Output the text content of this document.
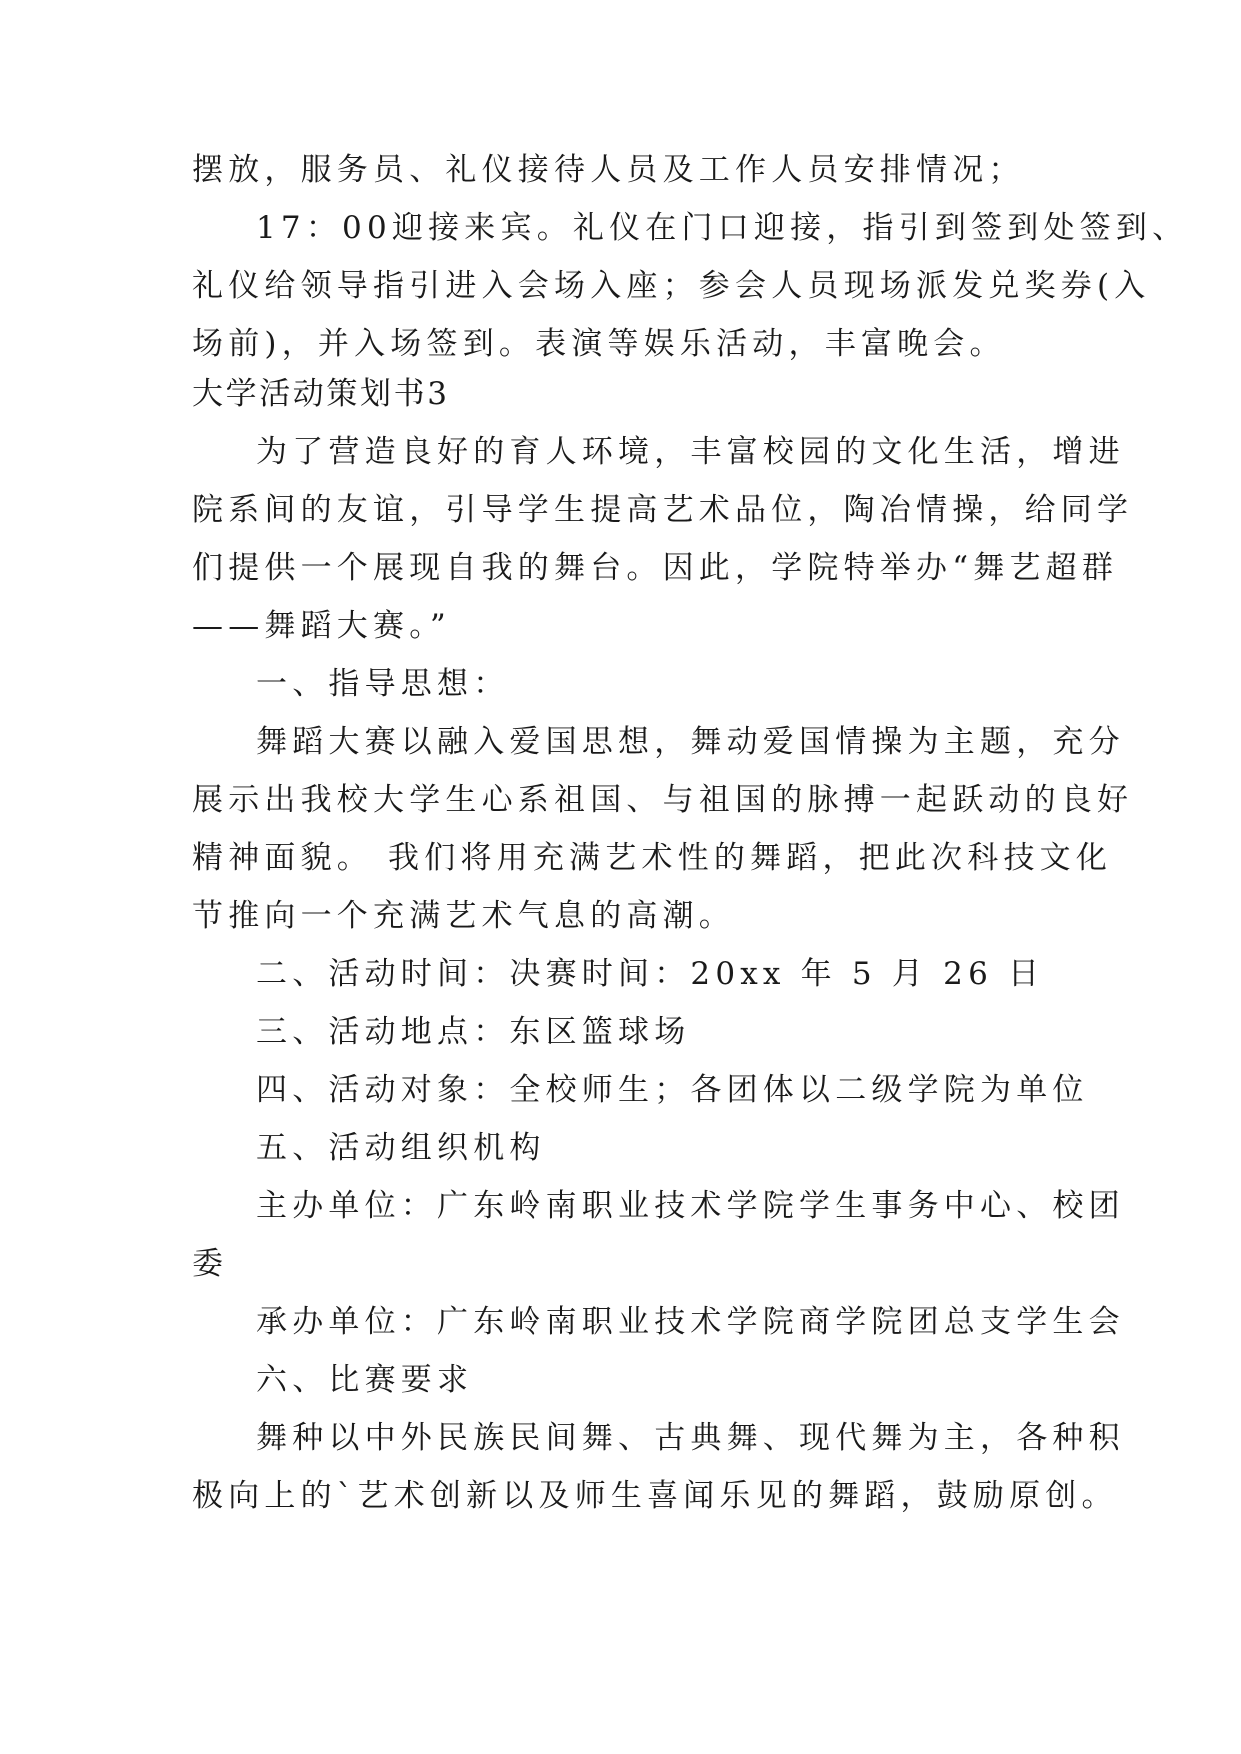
摆放，服务员、礼仪接待人员及工作人员安排情况；
17：00迎接来宾。礼仪在门口迎接，指引到签到处签到、
礼仪给领导指引进入会场入座；参会人员现场派发兑奖券(入
场前)，并入场签到。表演等娱乐活动，丰富晚会。
大学活动策划书3
为了营造良好的育人环境，丰富校园的文化生活，增进
院系间的友谊，引导学生提高艺术品位，陶冶情操，给同学
们提供一个展现自我的舞台。因此，学院特举办“舞艺超群
——舞蹈大赛。”
一、指导思想：
舞蹈大赛以融入爱国思想，舞动爱国情操为主题，充分
展示出我校大学生心系祖国、与祖国的脉搏一起跃动的良好
精神面貌。 我们将用充满艺术性的舞蹈，把此次科技文化
节推向一个充满艺术气息的高潮。
二、活动时间：决赛时间：20xx 年 5 月 26 日
三、活动地点：东区篮球场
四、活动对象：全校师生；各团体以二级学院为单位
五、活动组织机构
主办单位：广东岭南职业技术学院学生事务中心、校团
委
承办单位：广东岭南职业技术学院商学院团总支学生会
六、比赛要求
舞种以中外民族民间舞、古典舞、现代舞为主，各种积
极向上的`艺术创新以及师生喜闻乐见的舞蹈，鼓励原创。
